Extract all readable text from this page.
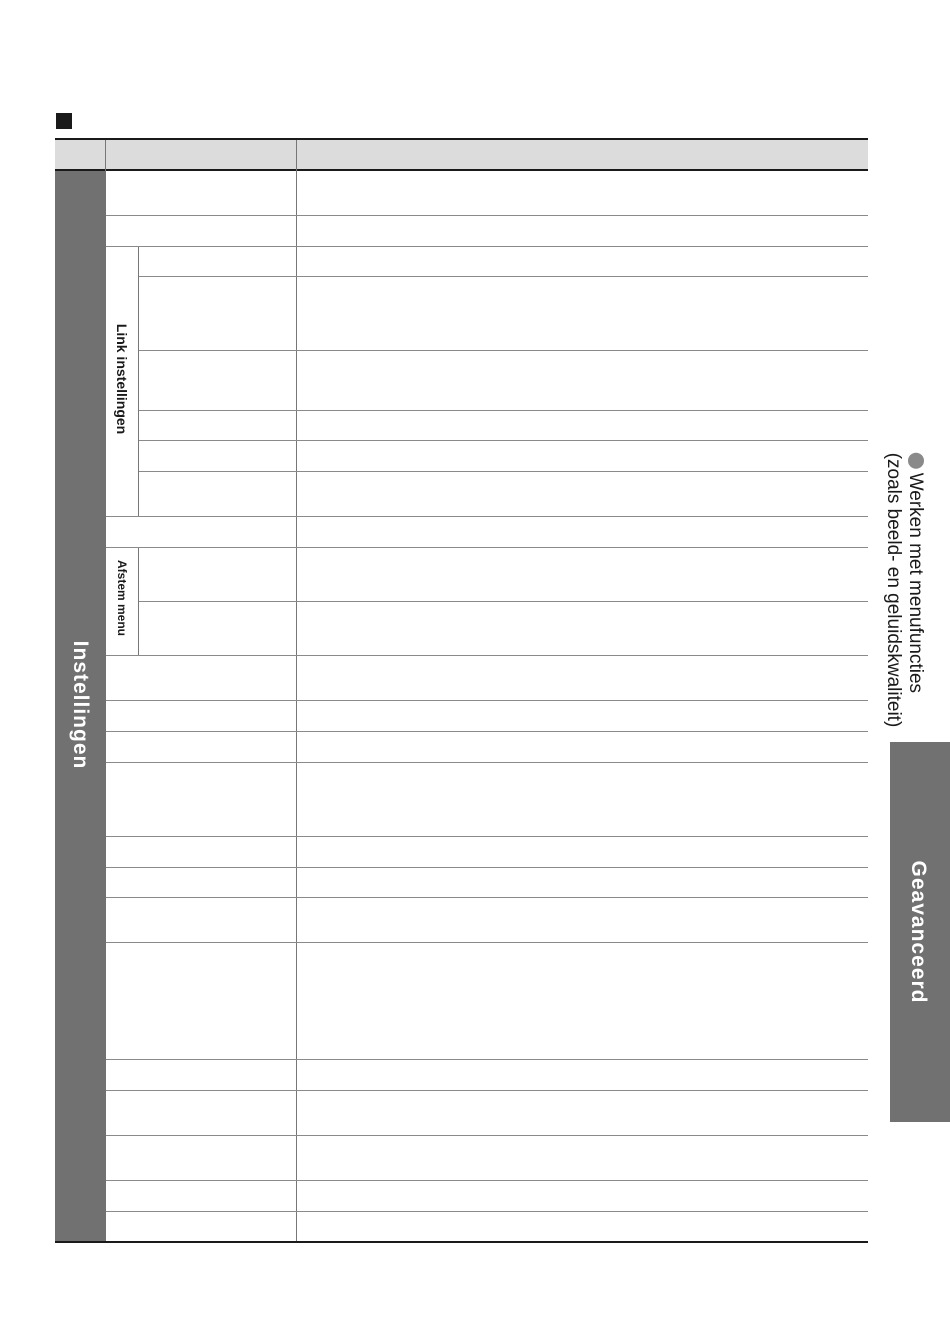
Instellingen
Link instellingen
Afstem menu
Geavanceerd
Werken met menufuncties
(zoals beeld- en geluidskwaliteit)
